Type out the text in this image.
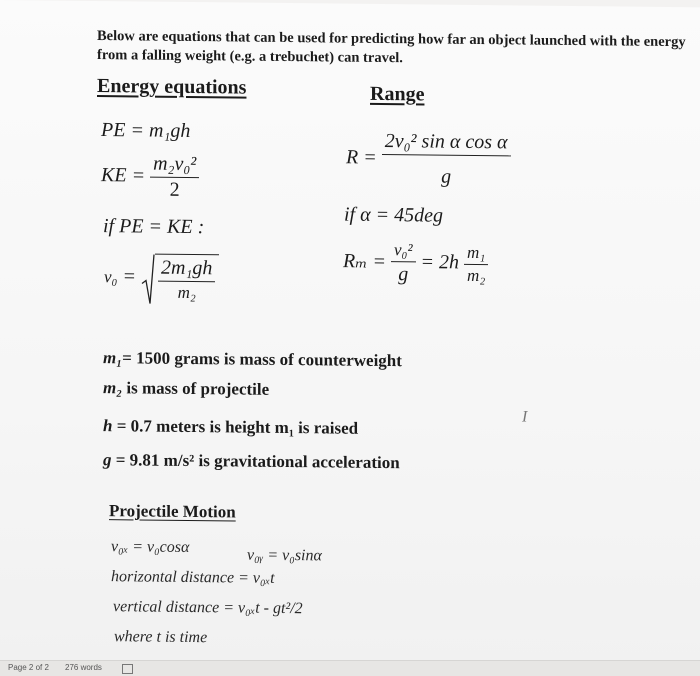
Below are equations that can be used for predicting how far an object launched with the energy from a falling weight (e.g. a trebuchet) can travel.
Energy equations	Range
PE = m₁gh
KE = $\frac{\text{m₂v₀²}}{2}$
if PE = KE :
$v_0 = \frac{\text{2m₁gh}}{\text{m₂}}$
$R = \frac{\text{2v₀² sin α cos α}}{g}$
if α = 45deg
$R_m = \frac{\text{v₀²}}{g} = 2h \frac{\text{m₁}}{\text{m₂}}$
m₁= 1500 grams is mass of counterweight
m₂ is mass of projectile
h = 0.7 meters is height m₁ is raised
g = 9.81 m/s² is gravitational acceleration
Projectile Motion
v₀ₓ = v₀cosα	v₀ᵧ = v₀sinα
horizontal distance = v₀ₓt
vertical distance = v₀ₓt - gt²/2
where t is time
I
Page 2 of 2 276 words
